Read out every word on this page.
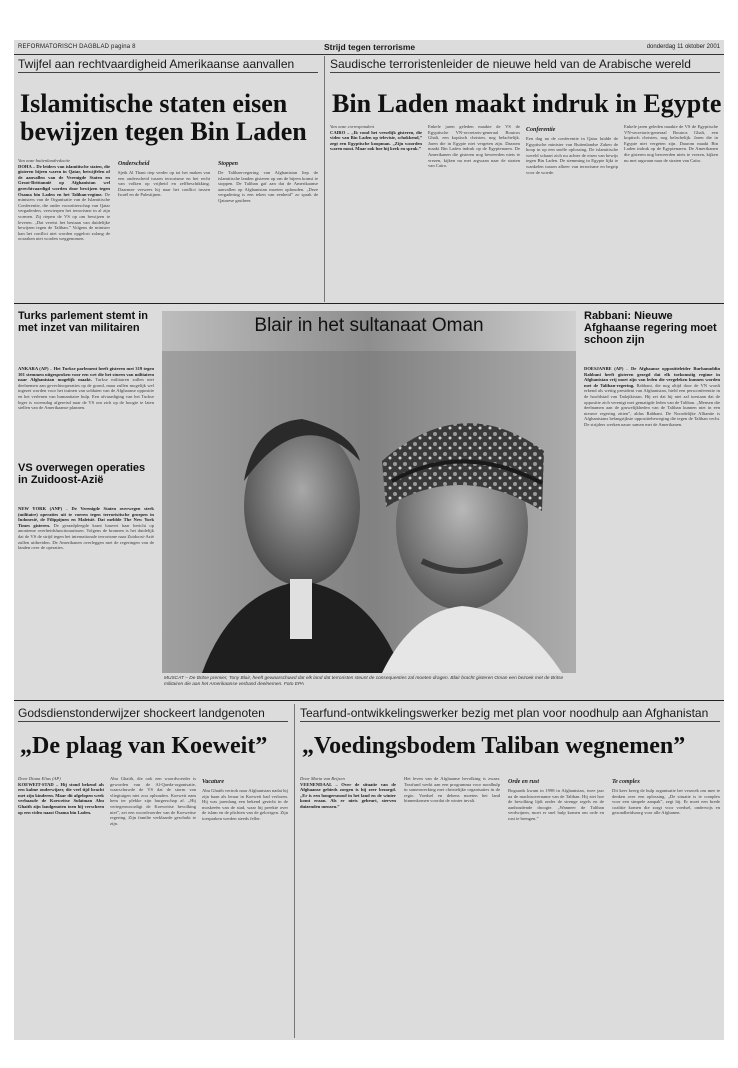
REFORMATORISCH DAGBLAD pagina 8	Strijd tegen terrorisme	donderdag 11 oktober 2001
Twijfel aan rechtvaardigheid Amerikaanse aanvallen
Islamitische staten eisen bewijzen tegen Bin Laden
Van onze buitenlandredactie
DOHA – De leiders van islamitische staten, die gisteren bijeen waren in Qatar, betwijfelen of de aanvallen van de Verenigde Staten en Groot-Brittannië op Afghanistan wel gerechtvaardigd worden door bewijzen tegen Osama bin Laden en het Taliban-regime. De ministers van de Organisatie van de Islamitische Conferentie, die onder voorzitterschap van Qatar vergaderden, verwierpen het terrorisme in al zijn vormen. Zij riepen de VS op om bewijzen te leveren. „Dat vereist het bestaan van duidelijke bewijzen tegen de Taliban.” Volgens de minister kan het conflict niet worden opgelost zolang de oorzaken niet worden weggenomen.
Onderscheid
Sjeik Al Thani riep verder op tot het maken van een onderscheid tussen terrorisme en het recht van volken op vrijheid en zelfbeschikking. Daarmee verwees hij naar het conflict tussen Israël en de Palestijnen.
Stoppen
De Taliban-regering van Afghanistan liep de islamitische landen gisteren op om de bijeen komst te stoppen. De Taliban gaf aan dat de Amerikaanse aanvallen op Afghanistan moeten ophouden. „Deze vergadering is een teken van eenheid” zo sprak de Qatarese gastheer.
Saudische terroristenleider de nieuwe held van de Arabische wereld
Bin Laden maakt indruk in Egypte
Van onze correspondent
CAIRO – „Ik vond het vreselijk gisteren, die video van Bin Laden op televisie, schokkend,” zegt een Egyptische koopman. „Zijn woorden waren mooi. Maar ook hoe hij keek en sprak.”
Enkele jaren geleden maakte de VS de Egyptische VN-secretaris-generaal Boutros Ghali, een koptisch christen, nog belachelijk. Jaren die in Egypte niet vergeten zijn. Daarom maakt Bin Laden indruk op de Egyptenaren. De Amerikanen die gisteren nog beweerden niets te vrezen, kijken nu met argwaan naar de straten van Caïro.
Conferentie
Een dag na de conferentie in Qatar luidde de Egyptische minister van Buitenlandse Zaken de hoop in op een snelle oplossing. De islamitische wereld schaart zich nu achter de eisen van bewijs tegen Bin Laden. De stemming in Egypte lijkt te wankelen tussen afkeer van terrorisme en begrip voor de woede.
Enkele jaren geleden maakte de VS de Egyptische VN-secretaris-generaal Boutros Ghali, een koptisch christen, nog belachelijk. Jaren die in Egypte niet vergeten zijn. Daarom maakt Bin Laden indruk op de Egyptenaren. De Amerikanen die gisteren nog beweerden niets te vrezen, kijken nu met argwaan naar de straten van Caïro.
Turks parlement stemt in met inzet van militairen
ANKARA (AP) – Het Turkse parlement heeft gisteren met 319 tegen 101 stemmen uitgesproken voor een wet die het sturen van militairen naar Afghanistan mogelijk maakt. Turkse militairen zullen niet deelnemen aan gevechtsoperaties op de grond, maar zullen mogelijk wel ingezet worden voor het trainen van soldaten van de Afghaanse oppositie en het verlenen van humanitaire hulp. Een afvaardiging van het Turkse leger is woensdag afgereisd naar de VS om zich op de hoogte te laten stellen van de Amerikaanse plannen.
VS overwegen operaties in Zuidoost-Azië
NEW YORK (ANP) – De Verenigde Staten overwegen sterk (militaire) operaties uit te voeren tegen terroristische groepen in Indonesië, de Filippijnen en Maleisië. Dat meldde The New York Times gisteren. De geraadpleegde krant baseert haar bericht op anonieme overheidsfunctionarissen. Volgens de bronnen is het duidelijk dat de VS de strijd tegen het internationale terrorisme naar Zuidoost-Azië zullen uitbreiden. De Amerikanen overleggen met de regeringen van de landen over de operaties.
Blair in het sultanaat Oman
MUSCAT – De Britse premier, Tony Blair, heeft gewaarschuwd dat elk land dat terroristen steunt de consequenties zal moeten dragen. Blair bracht gisteren Oman een bezoek met de Britse militairen die aan het Amerikaanse verband deelnemen. Foto EPA
Rabbani: Nieuwe Afghaanse regering moet schoon zijn
DOESJANBE (AP) – De Afghaanse oppositieleider Burhanuddin Rabbani heeft gisteren gezegd dat elk toekomstig regime in Afghanistan vrij moet zijn van leden die vergeleken kunnen worden met de Taliban-regering. Rabbani, die nog altijd door de VN wordt erkend als wettig president van Afghanistan, hield een persconferentie in de hoofdstad van Tadzjikistan. Hij zei dat hij niet zal toestaan dat de oppositie zich verenigt met gematigde leden van de Taliban. „Mensen die deelnamen aan de gruwelijkheden van de Taliban kunnen niet in een nieuwe regering zitten”, aldus Rabbani. De Noordelijke Alliantie is Afghanistans belangrijkste oppositiebeweging die tegen de Taliban vecht. De strijders werken nauw samen met de Amerikanen.
Godsdienstonderwijzer shockeert landgenoten
„De plaag van Koeweit”
Door Diana Elias (AP)
KOEWEIT-STAD – Hij stond bekend als een kalme onderwijzer, die veel tijd bracht met zijn kinderen. Maar dit afgelopen week verbaasde de Koeweitse Sulaiman Abu Ghaith zijn landgenoten toen hij verscheen op een video naast Osama bin Laden.
Abu Ghaith, die ook een woordvoerder is geworden van de Al-Qaeda-organisatie, waarschuwde de VS dat de storm van vliegtuigen niet zou ophouden. Koeweit nam hem ter plekke zijn burgerschap af. „Hij vertegenwoordigt de Koeweitse bevolking niet”, zei een woordvoerder van de Koeweitse regering. Zijn familie verklaarde geschokt te zijn.
Vacature
Abu Ghaith vertrok naar Afghanistan nadat hij zijn baan als leraar in Koeweit had verloren. Hij was jarenlang een bekend gezicht in de moskeeën van de stad, waar hij preekte over de islam en de plichten van de gelovigen. Zijn toespraken werden steeds feller.
Tearfund-ontwikkelingswerker bezig met plan voor noodhulp aan Afghanistan
„Voedingsbodem Taliban wegnemen”
Door Maria van Beijsen
VEENENDAAL – Over de situatie van de Afghaanse gebieds zorgen is hij zeer bezorgd. „Er is een hongersnood in het land en de winter komt eraan. Als er niets gebeurt, sterven duizenden mensen.”
Het leven van de Afghaanse bevolking is zwaar. Tearfund werkt aan een programma voor noodhulp in samenwerking met christelijke organisaties in de regio. Voedsel en dekens moeten het land binnenkomen voordat de winter invalt.
Orde en rust
Bogaards kwam in 1998 in Afghanistan, twee jaar na de machtsovername van de Taliban. Hij ziet hoe de bevolking lijdt onder de strenge regels en de aanhoudende droogte. „Wanneer de Taliban verdwijnen, moet er snel hulp komen om orde en rust te brengen.”
Te complex
Dit keer kreeg de hulp organisatie het verzoek om mee te denken over een oplossing. „De situatie is te complex voor een simpele aanpak”, zegt hij. Er moet een brede coalitie komen die zorgt voor voedsel, onderwijs en gezondheidszorg voor alle Afghanen.
